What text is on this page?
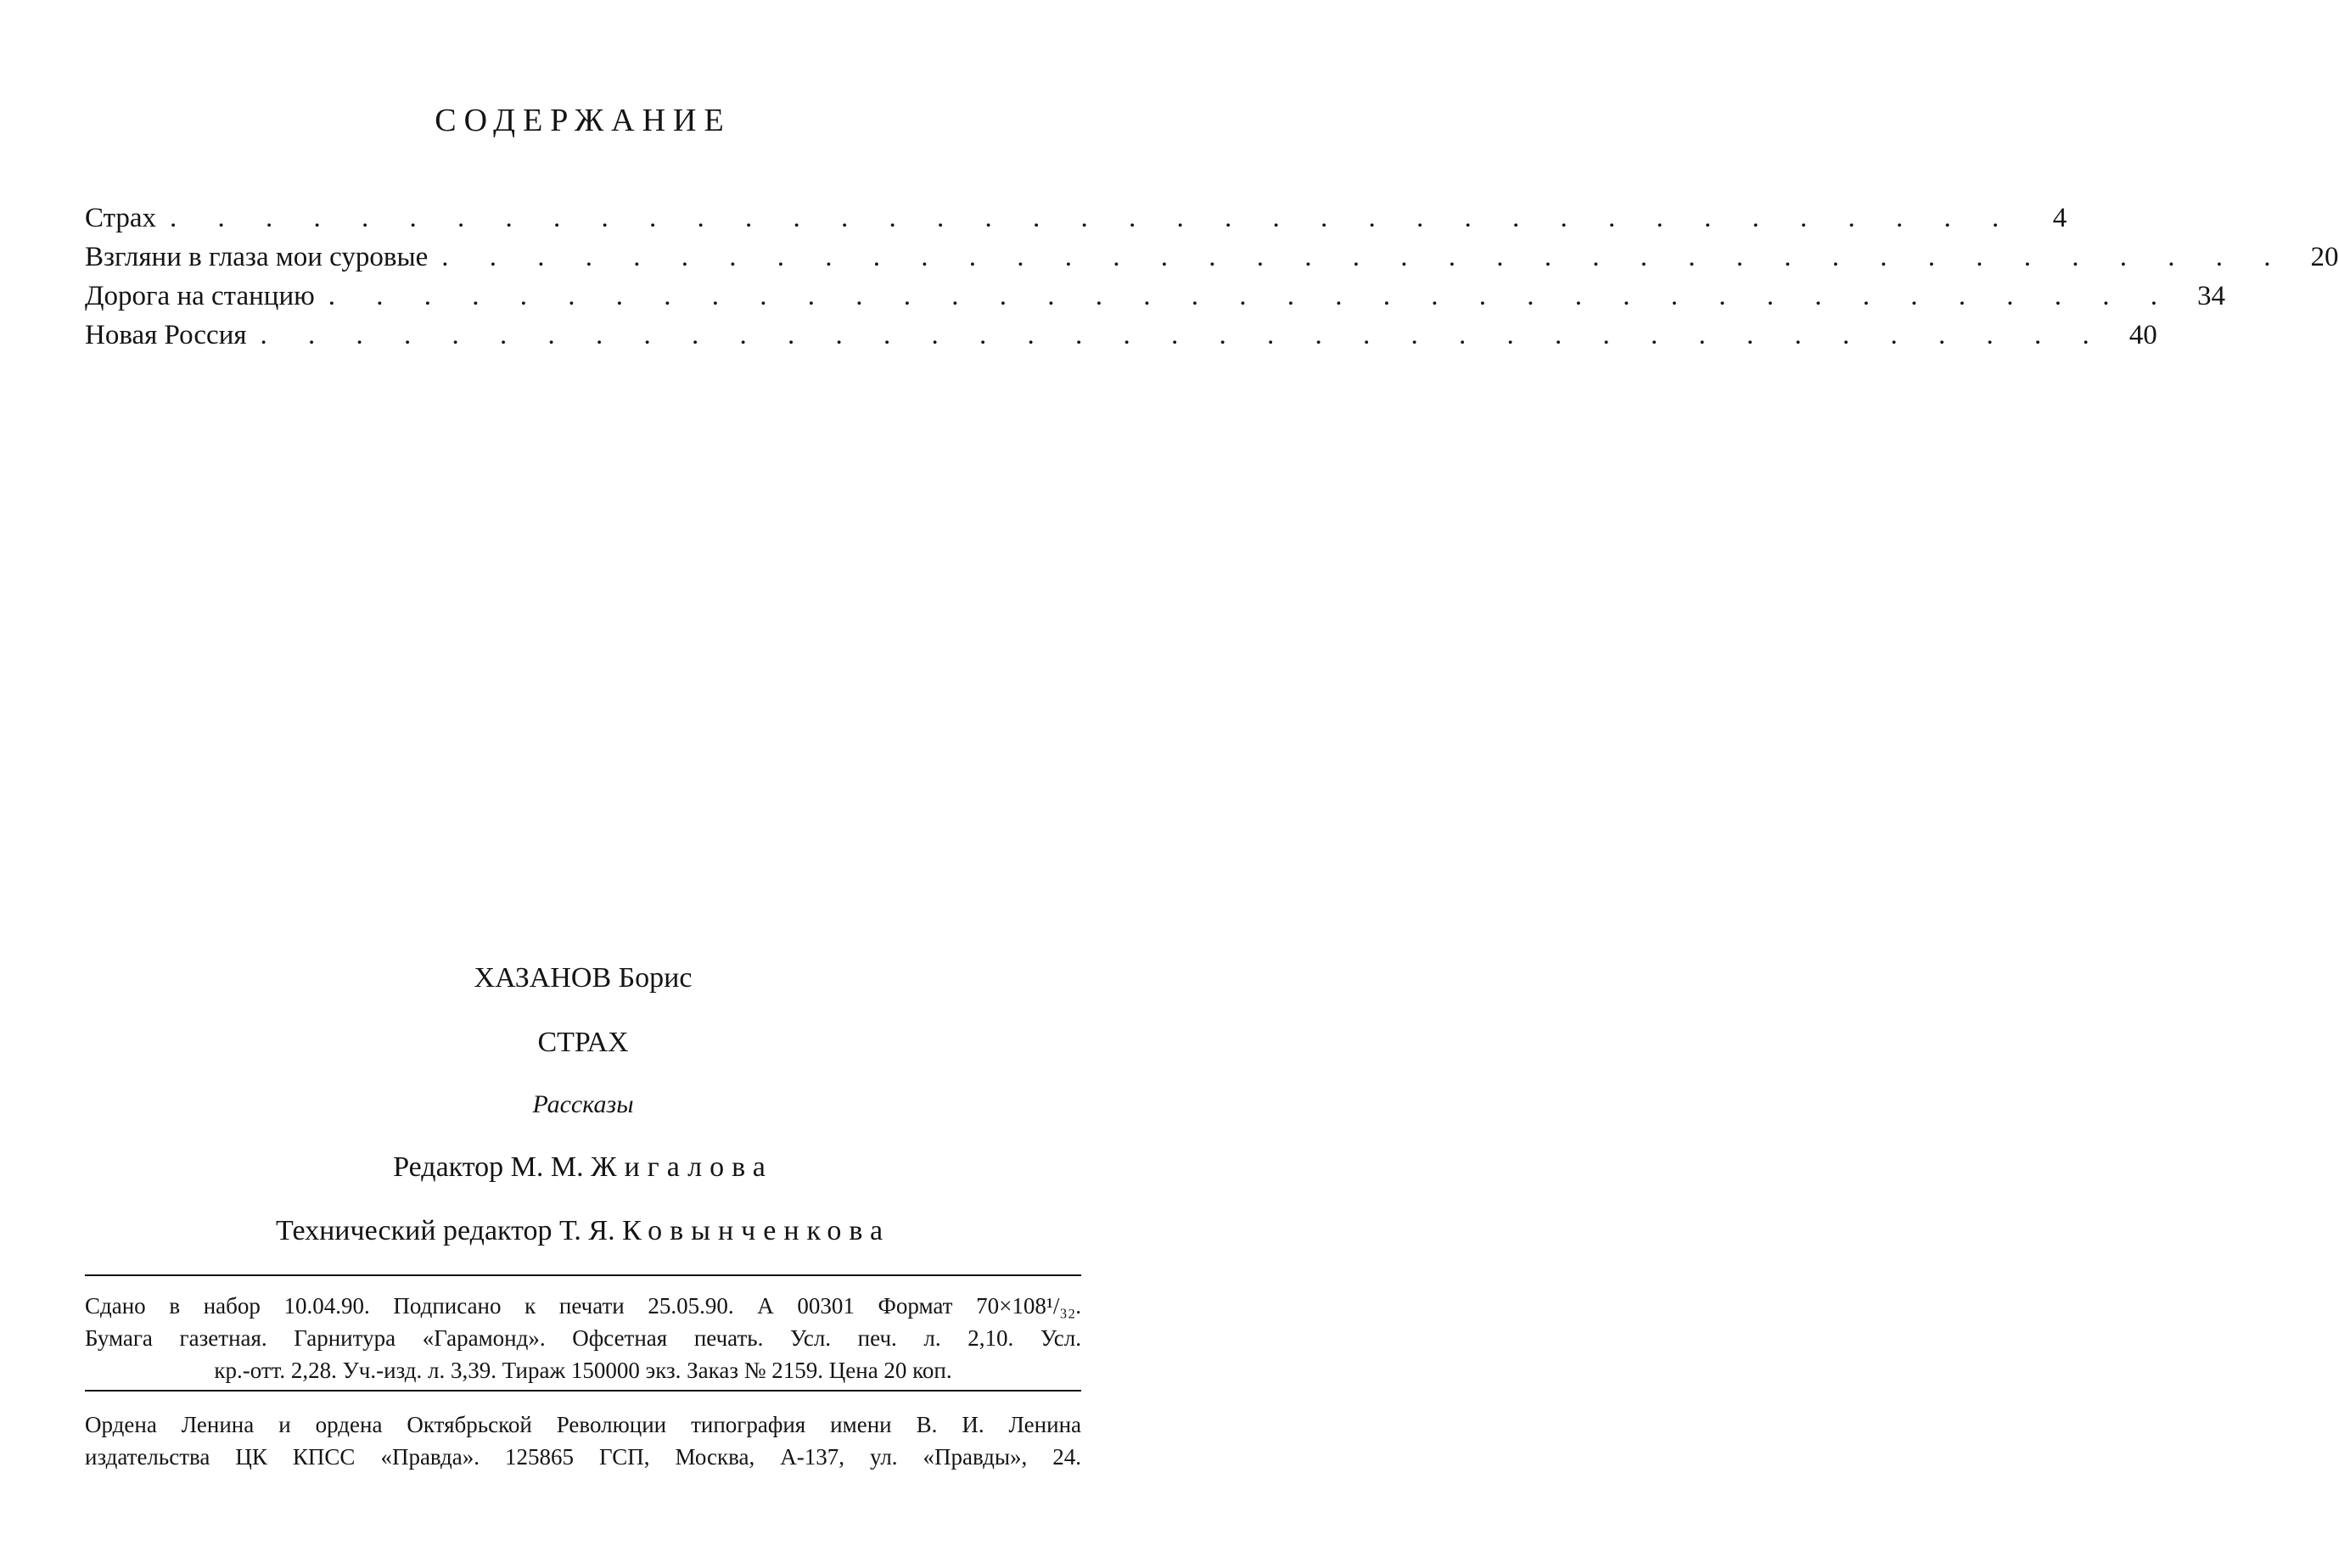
СОДЕРЖАНИЕ
Страх . . . . . . . . . . . . . . . . . . . . . . . . . . . . . . . . . . . . . . .	4
Взгляни в глаза мои суровые . . . . . . . . . . . . . . . . . . . . . . . . . . . . . . . . . . . . . . . 20
Дорога на станцию . . . . . . . . . . . . . . . . . . . . . . . . . . . . . . . . . . . . . . . 34
Новая Россия . . . . . . . . . . . . . . . . . . . . . . . . . . . . . . . . . . . . . . . 40
ХАЗАНОВ Борис
СТРАХ
Рассказы
Редактор М. М. Жигалова
Технический редактор Т. Я. Ковынченкова
Сдано в набор 10.04.90. Подписано к печати 25.05.90. А 00301 Формат 70×108¹/₃₂.
Бумага газетная. Гарнитура «Гарамонд». Офсетная печать. Усл. печ. л. 2,10. Усл.
кр.-отт. 2,28. Уч.-изд. л. 3,39. Тираж 150000 экз. Заказ № 2159. Цена 20 коп.
Ордена Ленина и ордена Октябрьской Революции типография имени В. И. Ленина
издательства ЦК КПСС «Правда». 125865 ГСП, Москва, А-137, ул. «Правды», 24.
